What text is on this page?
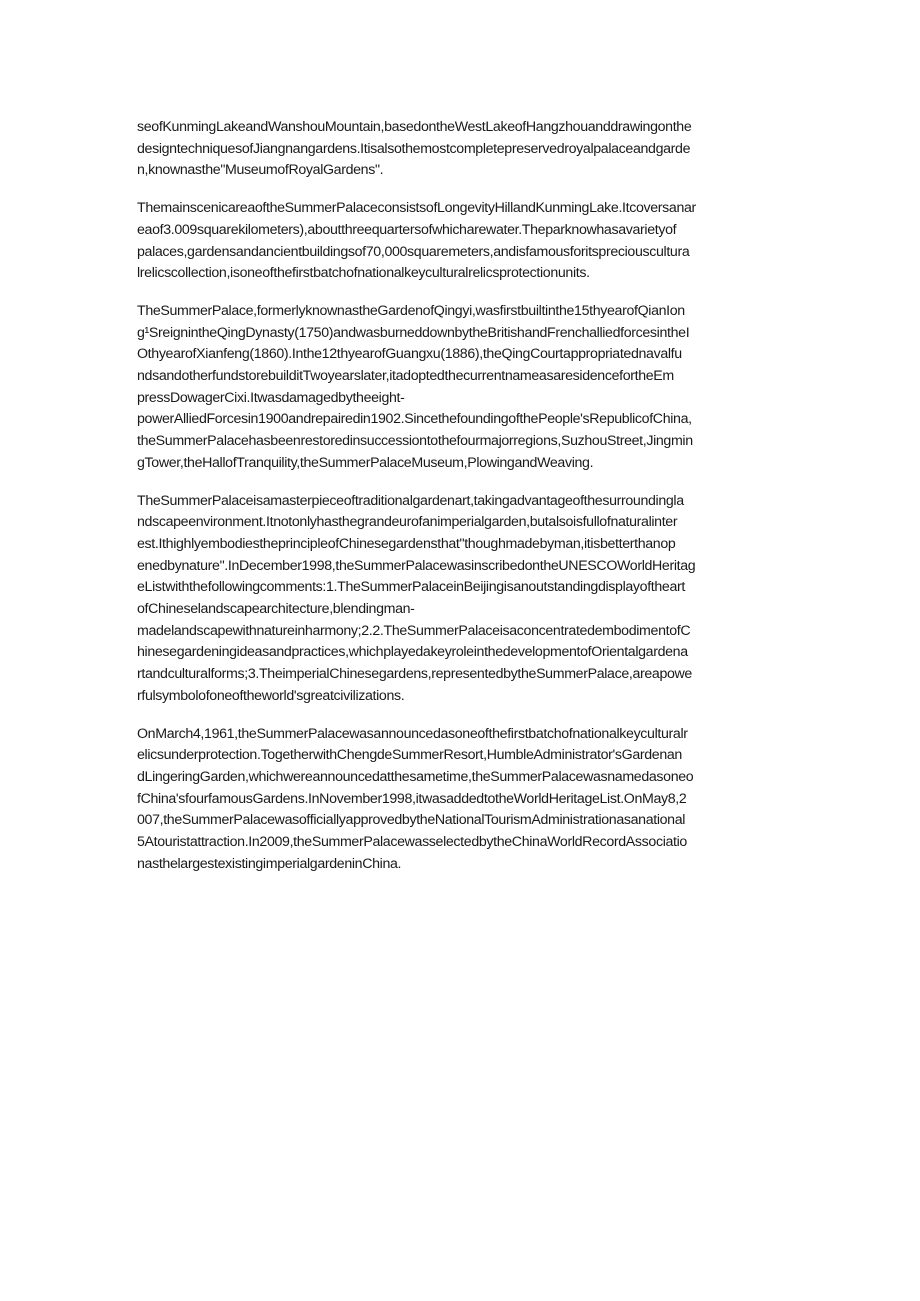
seofKunmingLakeandWanshouMountain,basedontheWestLakeofHangzhouanddrawingonthe
designtechniquesofJiangnangardens.Itisalsothemostcompletepreservedroyalpalaceandgarde
n,knownasthe"MuseumofRoyalGardens".

ThemainscenicareaoftheSummerPalaceconsistsofLongevityHillandKunmingLake.Itcoversanar
eaof3.009squarekilometers),aboutthreequartersofwhicharewater.Theparknowhasavarietyof
palaces,gardensandancientbuildingsof70,000squaremeters,andisfamousforitspreciouscultura
lrelicscollection,isoneofthefirstbatchofnationalkeyculturalrelicsprotectionunits.

TheSummerPalace,formerlyknownastheGardenofQingyi,wasfirstbuiltinthe15thyearofQianIon
g¹SreignintheQingDynasty(1750)andwasburneddownbytheBritishandFrenchalliedforcesintheI
OthyearofXianfeng(1860).Inthe12thyearofGuangxu(1886),theQingCourtappropriatednavalfu
ndsandotherfundstorebuilditTwoyearslater,itadoptedthecurrentnameasaresidencefortheEm
pressDowagerCixi.Itwasdamagedbytheeight-
powerAlliedForcesin1900andrepairedin1902.SincethefoundingofthePeople'sRepublicofChina,
theSummerPalacehasbeenrestoredinsuccessiontothefourmajorregions,SuzhouStreet,Jingmin
gTower,theHallofTranquility,theSummerPalaceMuseum,PlowingandWeaving.

TheSummerPalaceisamasterpieceoftraditionalgardenart,takingadvantageofthesurroundingla
ndscapeenvironment.Itnotonlyhasthegrandeurofanimperialgarden,butalsoisfullofnaturalinter
est.IthighlyembodiestheprincipleofChinesegardensthat"thoughmadebyman,itisbetterthanop
enedbynature".InDecember1998,theSummerPalacewasinscribedontheUNESCOWorldHeritag
eListwiththefollowingcomments:1.TheSummerPalaceinBeijingisanoutstandingdisplayoftheart
ofChineselandscapearchitecture,blendingman-
madelandscapewithnatureinharmony;2.2.TheSummerPalaceisaconcentratedembodimentofC
hinesegardeningideasandpractices,whichplayedakeyroleinthedevelopmentofOrientalgardena
rtandculturalforms;3.TheimperialChinesegardens,representedbytheSummerPalace,areapowe
rfulsymbolofoneoftheworld'sgreatcivilizations.

OnMarch4,1961,theSummerPalacewasannouncedasoneofthefirstbatchofnationalkeyculturalr
elicsunderprotection.TogetherwithChengdeSummerResort,HumbleAdministrator'sGardenan
dLingeringGarden,whichwereannouncedatthesametime,theSummerPalacewasnamedasoneo
fChina'sfourfamousGardens.InNovember1998,itwasaddedtotheWorldHeritageList.OnMay8,2
007,theSummerPalacewasofficiallyapprovedbytheNationalTourismAdministrationasanational
5Atouristattraction.In2009,theSummerPalacewasselectedbytheChinaWorldRecordAssociatio
nasthelargestexistingimperialgardeninChina.
